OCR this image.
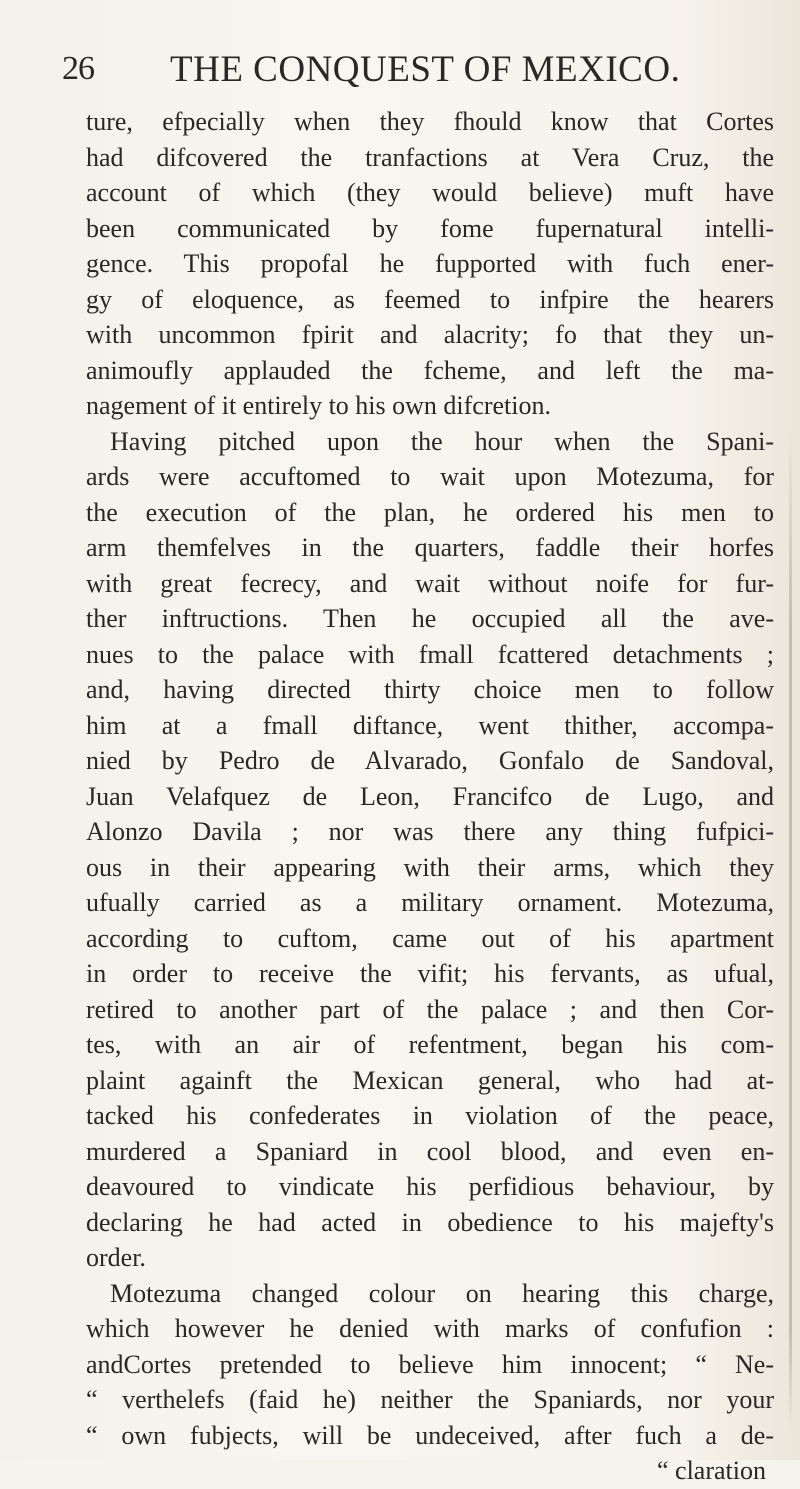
26 THE CONQUEST OF MEXICO.
ture, efpecially when they fhould know that Cortes
had difcovered the tranfactions at Vera Cruz, the
account of which (they would believe) muft have
been communicated by fome fupernatural intelli-
gence. This propofal he fupported with fuch ener-
gy of eloquence, as feemed to infpire the hearers
with uncommon fpirit and alacrity; fo that they un-
animoufly applauded the fcheme, and left the ma-
nagement of it entirely to his own difcretion.
Having pitched upon the hour when the Spani-
ards were accuftomed to wait upon Motezuma, for
the execution of the plan, he ordered his men to
arm themfelves in the quarters, faddle their horfes
with great fecrecy, and wait without noife for fur-
ther inftructions. Then he occupied all the ave-
nues to the palace with fmall fcattered detachments ;
and, having directed thirty choice men to follow
him at a fmall diftance, went thither, accompa-
nied by Pedro de Alvarado, Gonfalo de Sandoval,
Juan Velafquez de Leon, Francifco de Lugo, and
Alonzo Davila ; nor was there any thing fufpici-
ous in their appearing with their arms, which they
ufually carried as a military ornament. Motezuma,
according to cuftom, came out of his apartment
in order to receive the vifit; his fervants, as ufual,
retired to another part of the palace ; and then Cor-
tes, with an air of refentment, began his com-
plaint againft the Mexican general, who had at-
tacked his confederates in violation of the peace,
murdered a Spaniard in cool blood, and even en-
deavoured to vindicate his perfidious behaviour, by
declaring he had acted in obedience to his majefty's
order.
Motezuma changed colour on hearing this charge,
which however he denied with marks of confufion :
andCortes pretended to believe him innocent; “ Ne-
“ verthelefs (faid he) neither the Spaniards, nor your
“ own fubjects, will be undeceived, after fuch a de-
“ claration
